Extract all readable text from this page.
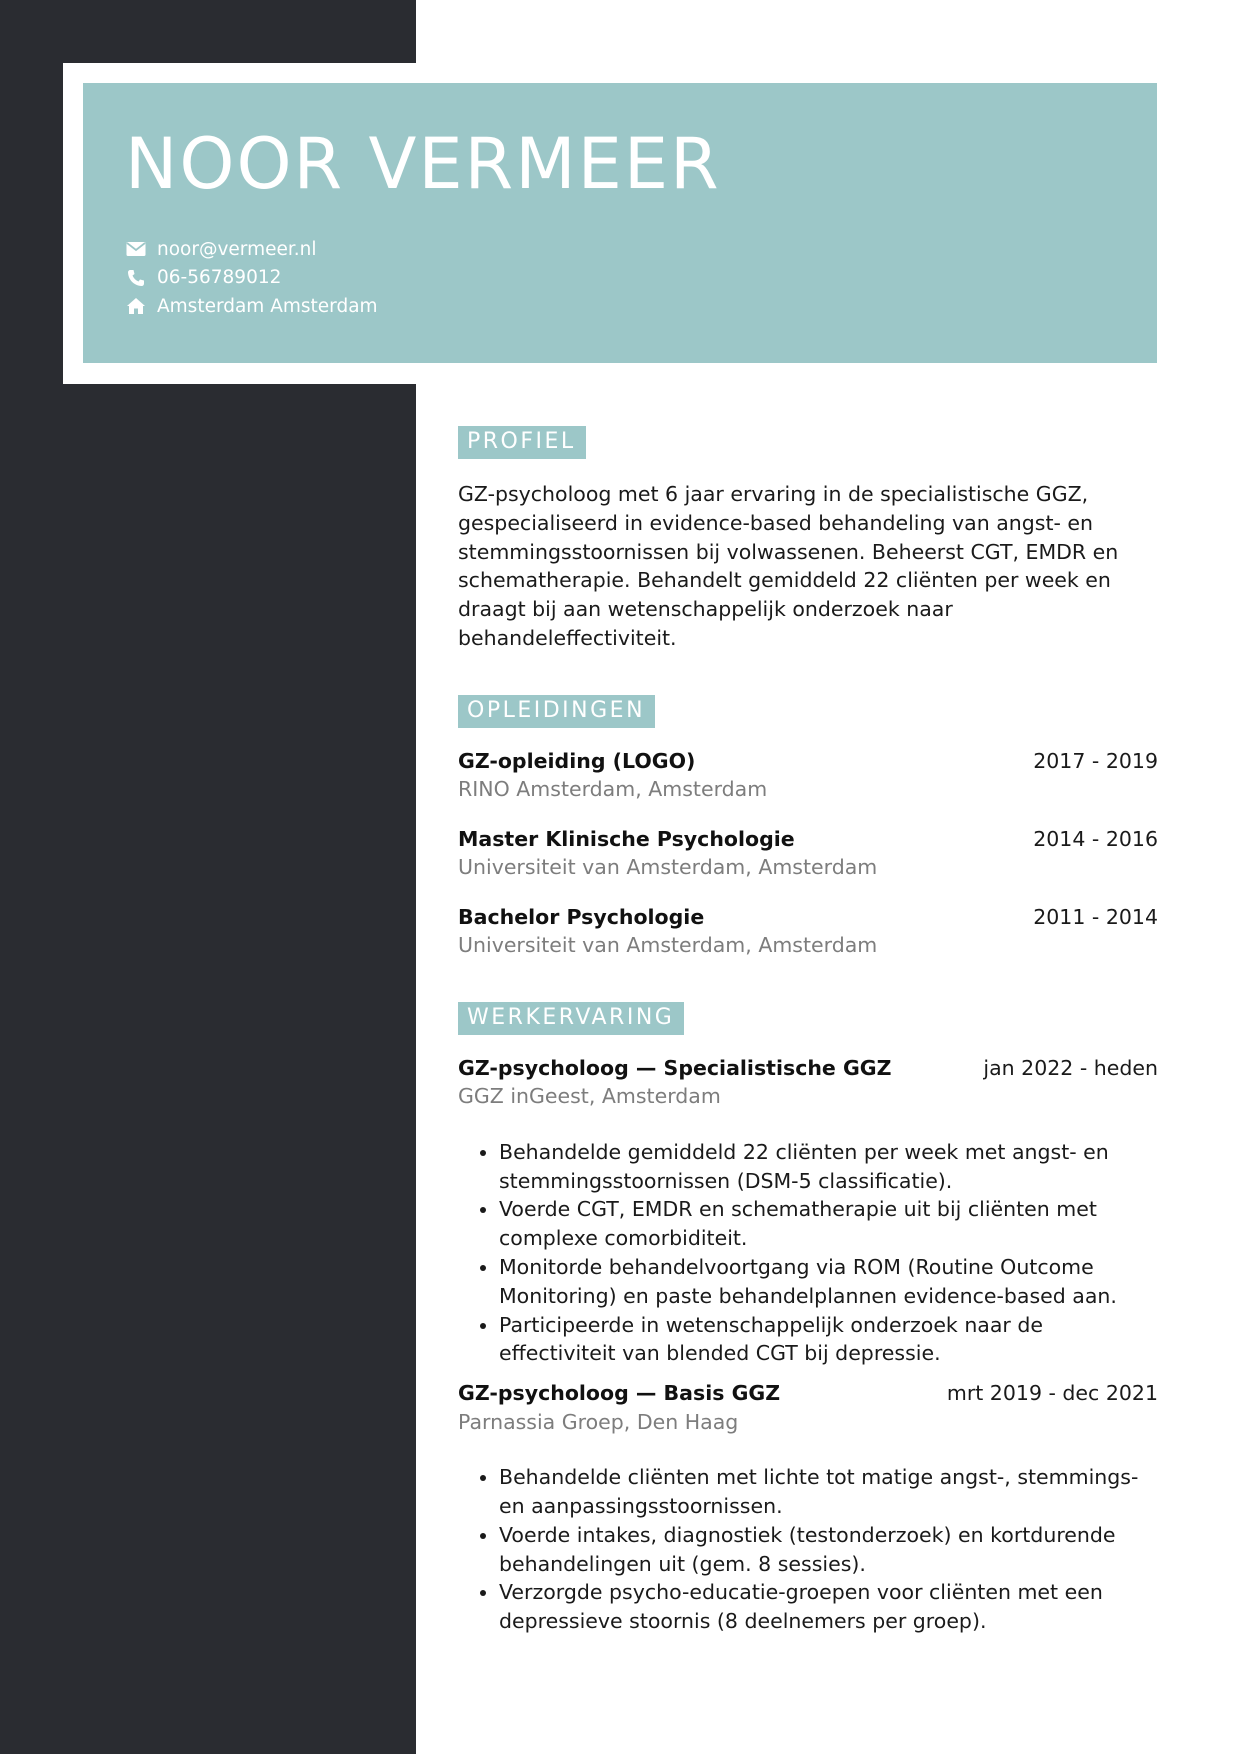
NOOR VERMEER
noor@vermeer.nl
06-56789012
Amsterdam Amsterdam
PROFIEL

GZ-psycholoog met 6 jaar ervaring in de specialistische GGZ, gespecialiseerd in evidence-based behandeling van angst- en stemmingsstoornissen bij volwassenen. Beheerst CGT, EMDR en schematherapie. Behandelt gemiddeld 22 cliënten per week en draagt bij aan wetenschappelijk onderzoek naar behandeleffectiviteit.

OPLEIDINGEN
GZ-opleiding (LOGO)	2017 - 2019
RINO Amsterdam, Amsterdam
Master Klinische Psychologie	2014 - 2016
Universiteit van Amsterdam, Amsterdam
Bachelor Psychologie	2011 - 2014
Universiteit van Amsterdam, Amsterdam
WERKERVARING
GZ-psycholoog — Specialistische GGZ	jan 2022 - heden
GGZ inGeest, Amsterdam
• Behandelde gemiddeld 22 cliënten per week met angst- en stemmingsstoornissen (DSM-5 classificatie).
• Voerde CGT, EMDR en schematherapie uit bij cliënten met complexe comorbiditeit.
• Monitorde behandelvoortgang via ROM (Routine Outcome Monitoring) en paste behandelplannen evidence-based aan.
• Participeerde in wetenschappelijk onderzoek naar de effectiviteit van blended CGT bij depressie.
GZ-psycholoog — Basis GGZ	mrt 2019 - dec 2021
Parnassia Groep, Den Haag
• Behandelde cliënten met lichte tot matige angst-, stemmings- en aanpassingsstoornissen.
• Voerde intakes, diagnostiek (testonderzoek) en kortdurende behandelingen uit (gem. 8 sessies).
• Verzorgde psycho-educatie-groepen voor cliënten met een depressieve stoornis (8 deelnemers per groep).
